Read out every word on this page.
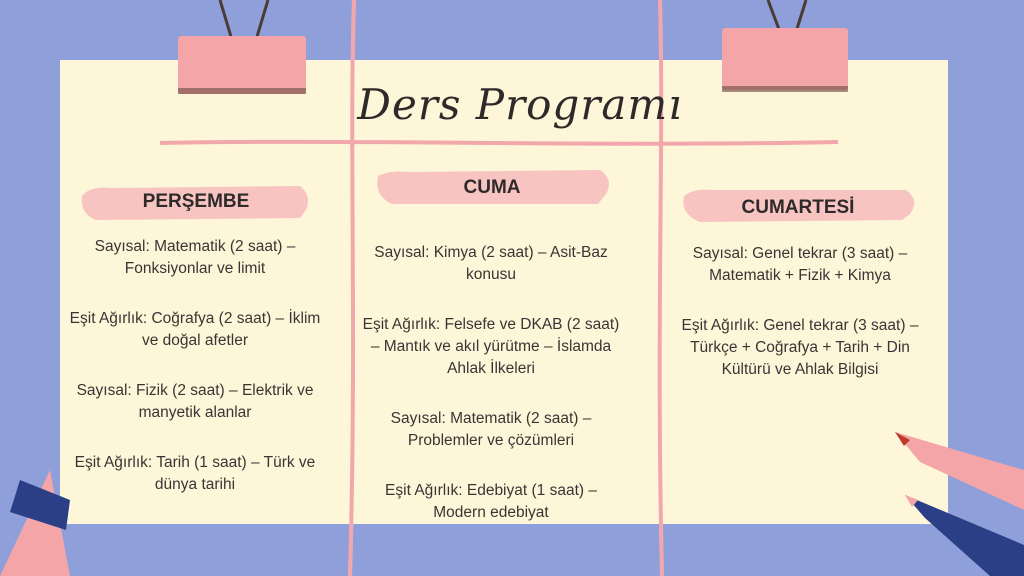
Ders Programı
PERŞEMBE
CUMA
CUMARTESİ

Sayısal: Matematik (2 saat) – Fonksiyonlar ve limit

Eşit Ağırlık: Coğrafya (2 saat) – İklim ve doğal afetler

Sayısal: Fizik (2 saat) – Elektrik ve manyetik alanlar

Eşit Ağırlık: Tarih (1 saat) – Türk ve dünya tarihi

Sayısal: Kimya (2 saat) – Asit-Baz konusu

Eşit Ağırlık: Felsefe ve DKAB (2 saat) – Mantık ve akıl yürütme – İslamda Ahlak İlkeleri

Sayısal: Matematik (2 saat) – Problemler ve çözümleri

Eşit Ağırlık: Edebiyat (1 saat) – Modern edebiyat

Sayısal: Genel tekrar (3 saat) – Matematik + Fizik + Kimya

Eşit Ağırlık: Genel tekrar (3 saat) – Türkçe + Coğrafya + Tarih + Din Kültürü ve Ahlak Bilgisi
